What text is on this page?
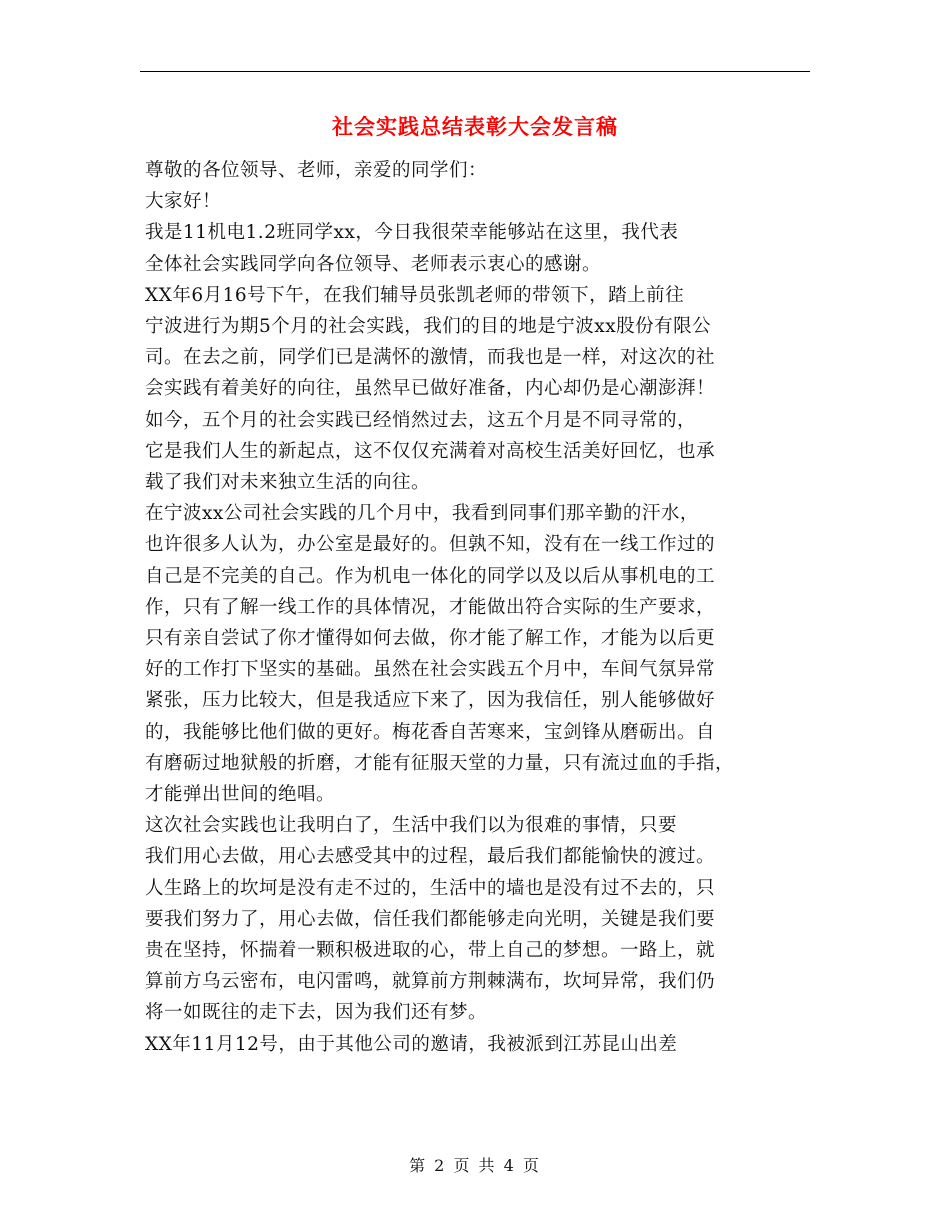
社会实践总结表彰大会发言稿

尊敬的各位领导、老师，亲爱的同学们：

大家好！

我是11机电1.2班同学xx，今日我很荣幸能够站在这里，我代表
全体社会实践同学向各位领导、老师表示衷心的感谢。

XX年6月16号下午，在我们辅导员张凯老师的带领下，踏上前往
宁波进行为期5个月的社会实践，我们的目的地是宁波xx股份有限公
司。在去之前，同学们已是满怀的激情，而我也是一样，对这次的社
会实践有着美好的向往，虽然早已做好准备，内心却仍是心潮澎湃！

如今，五个月的社会实践已经悄然过去，这五个月是不同寻常的，
它是我们人生的新起点，这不仅仅充满着对高校生活美好回忆，也承
载了我们对未来独立生活的向往。

在宁波xx公司社会实践的几个月中，我看到同事们那辛勤的汗水，
也许很多人认为，办公室是最好的。但孰不知，没有在一线工作过的
自己是不完美的自己。作为机电一体化的同学以及以后从事机电的工
作，只有了解一线工作的具体情况，才能做出符合实际的生产要求，
只有亲自尝试了你才懂得如何去做，你才能了解工作，才能为以后更
好的工作打下坚实的基础。虽然在社会实践五个月中，车间气氛异常
紧张，压力比较大，但是我适应下来了，因为我信任，别人能够做好
的，我能够比他们做的更好。梅花香自苦寒来，宝剑锋从磨砺出。自
有磨砺过地狱般的折磨，才能有征服天堂的力量，只有流过血的手指，
才能弹出世间的绝唱。

这次社会实践也让我明白了，生活中我们以为很难的事情，只要
我们用心去做，用心去感受其中的过程，最后我们都能愉快的渡过。
人生路上的坎坷是没有走不过的，生活中的墙也是没有过不去的，只
要我们努力了，用心去做，信任我们都能够走向光明，关键是我们要
贵在坚持，怀揣着一颗积极进取的心，带上自己的梦想。一路上，就
算前方乌云密布，电闪雷鸣，就算前方荆棘满布，坎坷异常，我们仍
将一如既往的走下去，因为我们还有梦。

XX年11月12号，由于其他公司的邀请，我被派到江苏昆山出差

第 2 页 共 4 页
